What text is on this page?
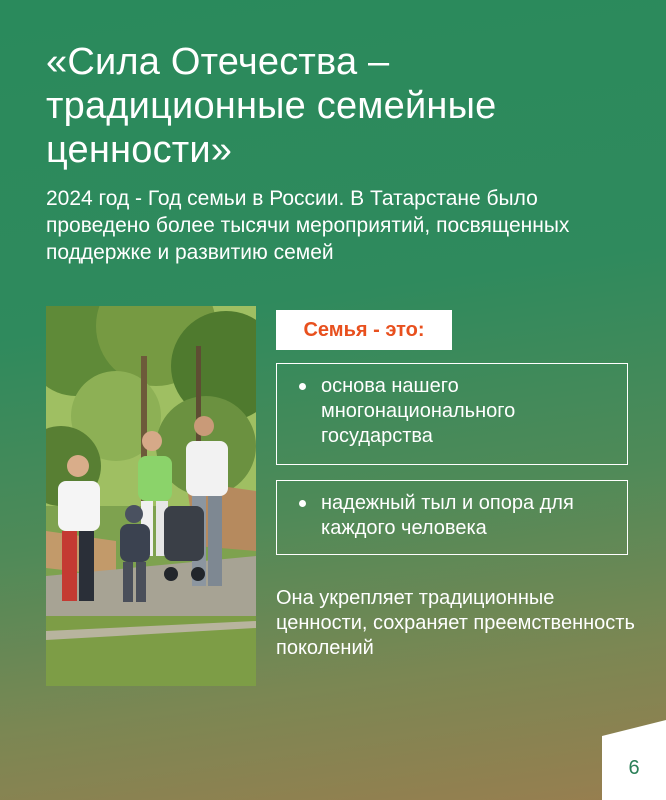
«Сила Отечества – традиционные семейные ценности»

2024 год - Год семьи в России. В Татарстане было проведено более тысячи мероприятий, посвященных поддержке и развитию семей

Семья - это:
основа нашего многонационального государства
надежный тыл и опора для каждого человека

Она укрепляет традиционные ценности, сохраняет преемственность поколений

6
